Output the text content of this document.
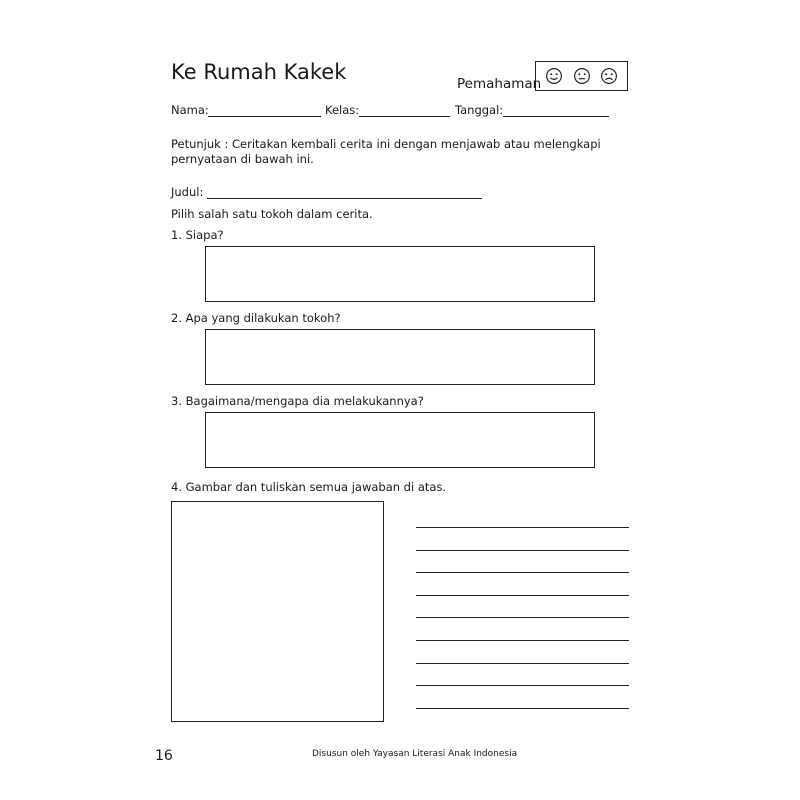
Ke Rumah Kakek	Pemahaman
Nama:	Kelas:	Tanggal:
Petunjuk : Ceritakan kembali cerita ini dengan menjawab atau melengkapi
pernyataan di bawah ini.
Judul:
Pilih salah satu tokoh dalam cerita.
1. Siapa?
2. Apa yang dilakukan tokoh?
3. Bagaimana/mengapa dia melakukannya?
4. Gambar dan tuliskan semua jawaban di atas.
16	Disusun oleh Yayasan Literasi Anak Indonesia
